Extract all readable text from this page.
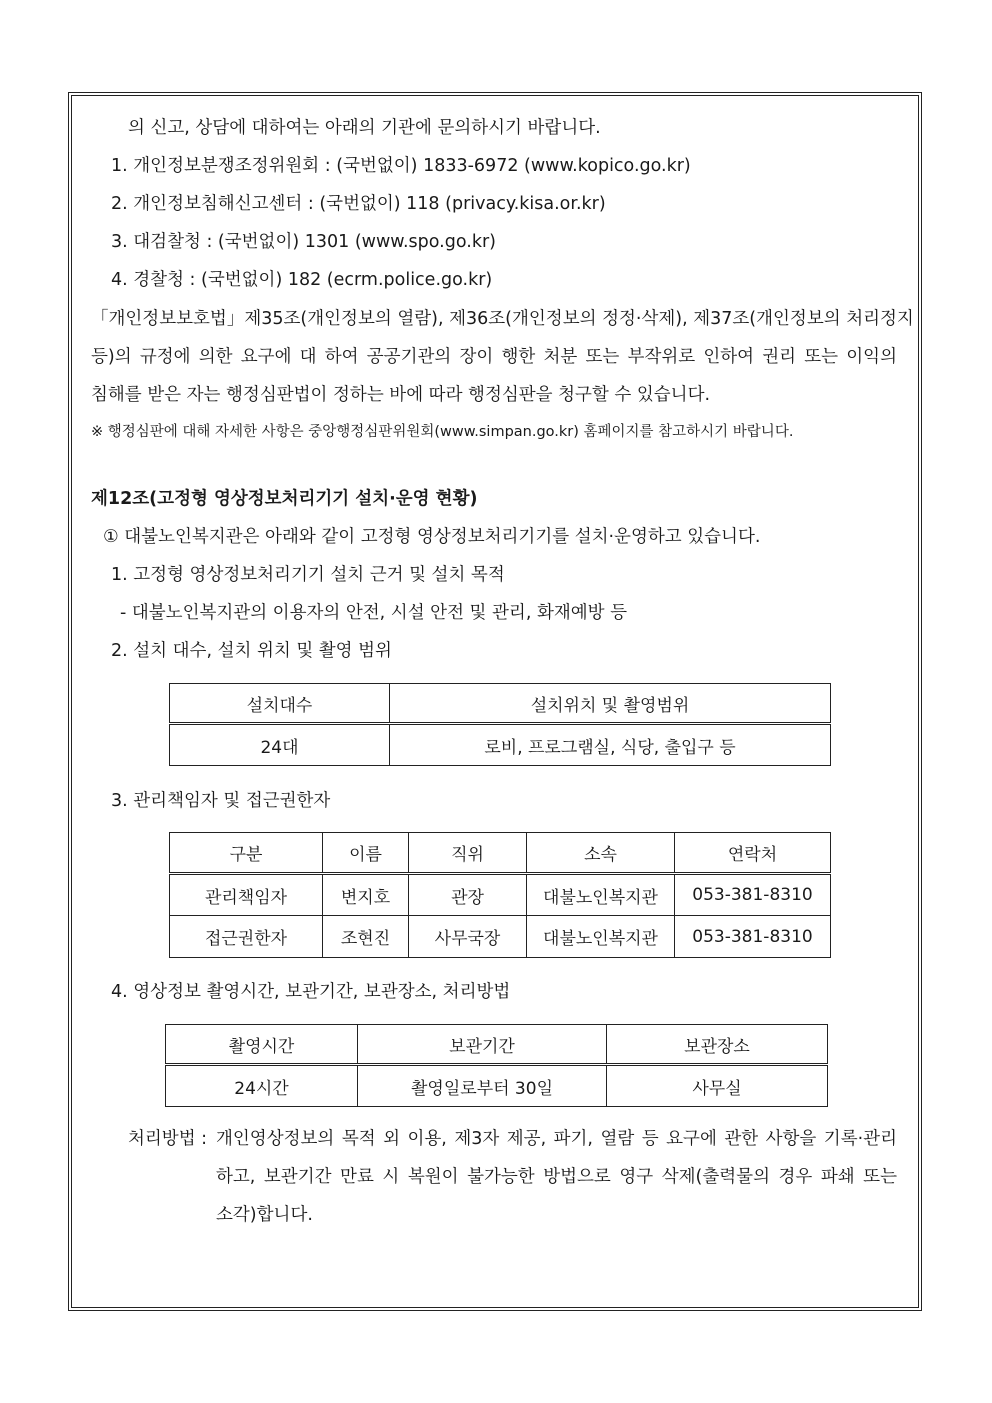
의 신고, 상담에 대하여는 아래의 기관에 문의하시기 바랍니다.
1. 개인정보분쟁조정위원회 : (국번없이) 1833-6972 (www.kopico.go.kr)
2. 개인정보침해신고센터 : (국번없이) 118 (privacy.kisa.or.kr)
3. 대검찰청 : (국번없이) 1301 (www.spo.go.kr)
4. 경찰청 : (국번없이) 182 (ecrm.police.go.kr)
「개인정보보호법」제35조(개인정보의 열람), 제36조(개인정보의 정정·삭제), 제37조(개인정보의 처리정지
등)의 규정에 의한 요구에 대 하여 공공기관의 장이 행한 처분 또는 부작위로 인하여 권리 또는 이익의
침해를 받은 자는 행정심판법이 정하는 바에 따라 행정심판을 청구할 수 있습니다.
※ 행정심판에 대해 자세한 사항은 중앙행정심판위원회(www.simpan.go.kr) 홈페이지를 참고하시기 바랍니다.
제12조(고정형 영상정보처리기기 설치·운영 현황)
① 대불노인복지관은 아래와 같이 고정형 영상정보처리기기를 설치·운영하고 있습니다.
1. 고정형 영상정보처리기기 설치 근거 및 설치 목적
- 대불노인복지관의 이용자의 안전, 시설 안전 및 관리, 화재예방 등
2. 설치 대수, 설치 위치 및 촬영 범위
설치대수	설치위치 및 촬영범위
24대	로비, 프로그램실, 식당, 출입구 등
3. 관리책임자 및 접근권한자
구분	이름	직위	소속	연락처
관리책임자	변지호	관장	대불노인복지관	053-381-8310
접근권한자	조현진	사무국장	대불노인복지관	053-381-8310
4. 영상정보 촬영시간, 보관기간, 보관장소, 처리방법
촬영시간	보관기간	보관장소
24시간	촬영일로부터 30일	사무실
처리방법 : 개인영상정보의 목적 외 이용, 제3자 제공, 파기, 열람 등 요구에 관한 사항을 기록·관리
하고, 보관기간 만료 시 복원이 불가능한 방법으로 영구 삭제(출력물의 경우 파쇄 또는
소각)합니다.
